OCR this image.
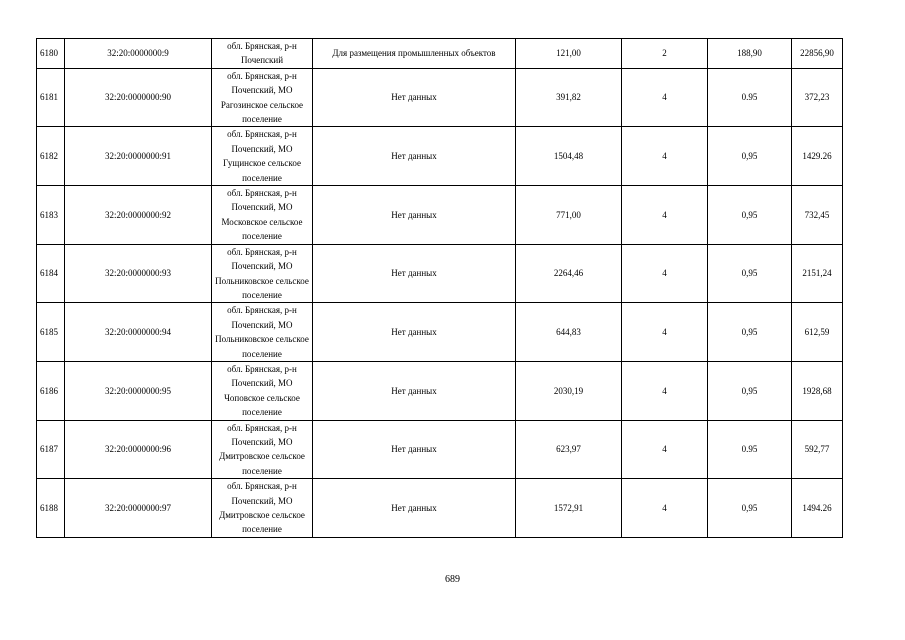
6180	32:20:0000000:9	обл. Брянская, р-н
Почепский	Для размещения промышленных объектов	121,00	2	188,90	22856,90
6181	32:20:0000000:90	обл. Брянская, р-н
Почепский, МО
Рагозинское сельское
поселение	Нет данных	391,82	4	0.95	372,23
6182	32:20:0000000:91	обл. Брянская, р-н
Почепский, МО
Гущинское сельское
поселение	Нет данных	1504,48	4	0,95	1429.26
6183	32:20:0000000:92	обл. Брянская, р-н
Почепский, МО
Московское сельское
поселение	Нет данных	771,00	4	0,95	732,45
6184	32:20:0000000:93	обл. Брянская, р-н
Почепский, МО
Польниковское сельское
поселение	Нет данных	2264,46	4	0,95	2151,24
6185	32:20:0000000:94	обл. Брянская, р-н
Почепский, МО
Польниковское сельское
поселение	Нет данных	644,83	4	0,95	612,59
6186	32:20:0000000:95	обл. Брянская, р-н
Почепский, МО
Чоповское сельское
поселение	Нет данных	2030,19	4	0,95	1928,68
6187	32:20:0000000:96	обл. Брянская, р-н
Почепский, МО
Дмитровское сельское
поселение	Нет данных	623,97	4	0.95	592,77
6188	32:20:0000000:97	обл. Брянская, р-н
Почепский, МО
Дмитровское сельское
поселение	Нет данных	1572,91	4	0,95	1494.26
689
